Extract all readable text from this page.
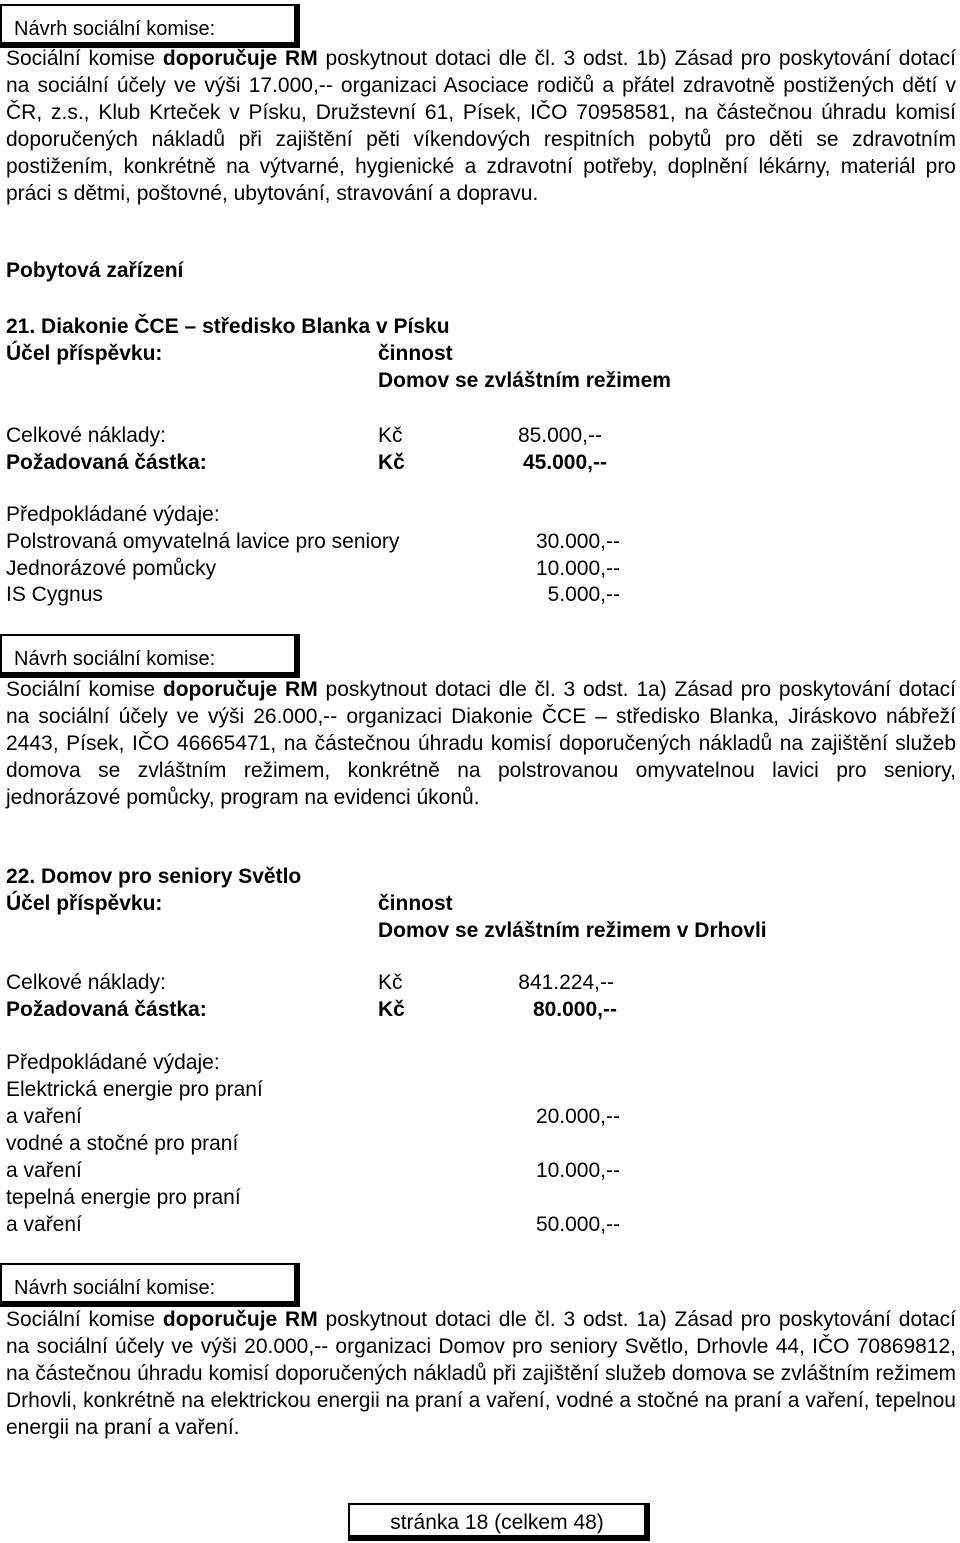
Návrh sociální komise:
Sociální komise doporučuje RM poskytnout dotaci dle čl. 3 odst. 1b) Zásad pro poskytování dotací na sociální účely ve výši 17.000,-- organizaci Asociace rodičů a přátel zdravotně postižených dětí v ČR, z.s., Klub Krteček v Písku, Družstevní 61, Písek, IČO 70958581, na částečnou úhradu komisí doporučených nákladů při zajištění pěti víkendových respitních pobytů pro děti se zdravotním postižením, konkrétně na výtvarné, hygienické a zdravotní potřeby, doplnění lékárny, materiál pro práci s dětmi, poštovné, ubytování, stravování a dopravu.
Pobytová zařízení
21. Diakonie ČCE – středisko Blanka v Písku
Účel příspěvku:	činnost
Domov se zvláštním režimem
Celkové náklady:	Kč	85.000,--
Požadovaná částka:	Kč	45.000,--
Předpokládané výdaje:
Polstrovaná omyvatelná lavice pro seniory	30.000,--
Jednorázové pomůcky	10.000,--
IS Cygnus	5.000,--
Návrh sociální komise:
Sociální komise doporučuje RM poskytnout dotaci dle čl. 3 odst. 1a) Zásad pro poskytování dotací na sociální účely ve výši 26.000,-- organizaci Diakonie ČCE – středisko Blanka, Jiráskovo nábřeží 2443, Písek, IČO 46665471, na částečnou úhradu komisí doporučených nákladů na zajištění služeb domova se zvláštním režimem, konkrétně na polstrovanou omyvatelnou lavici pro seniory, jednorázové pomůcky, program na evidenci úkonů.
22. Domov pro seniory Světlo
Účel příspěvku:	činnost
Domov se zvláštním režimem v Drhovli
Celkové náklady:	Kč	841.224,--
Požadovaná částka:	Kč	80.000,--
Předpokládané výdaje:
Elektrická energie pro praní
a vaření	20.000,--
vodné a stočné pro praní
a vaření	10.000,--
tepelná energie pro praní
a vaření	50.000,--
Návrh sociální komise:
Sociální komise doporučuje RM poskytnout dotaci dle čl. 3 odst. 1a) Zásad pro poskytování dotací na sociální účely ve výši 20.000,-- organizaci Domov pro seniory Světlo, Drhovle 44, IČO 70869812, na částečnou úhradu komisí doporučených nákladů při zajištění služeb domova se zvláštním režimem Drhovli, konkrétně na elektrickou energii na praní a vaření, vodné a stočné na praní a vaření, tepelnou energii na praní a vaření.
stránka 18 (celkem 48)
